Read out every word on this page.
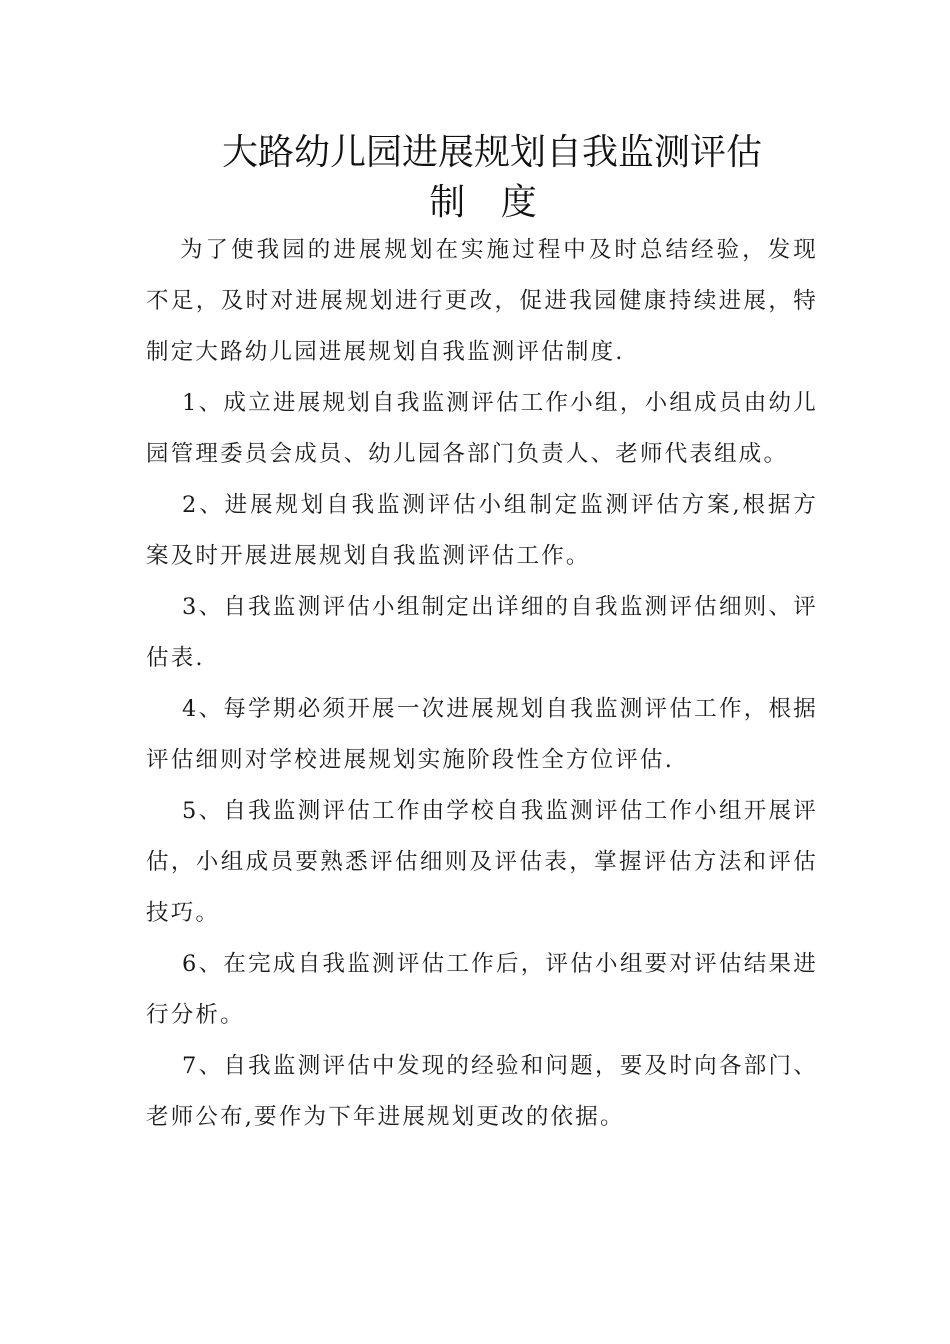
大路幼儿园进展规划自我监测评估
制 度

为了使我园的进展规划在实施过程中及时总结经验，发现不足，及时对进展规划进行更改，促进我园健康持续进展，特制定大路幼儿园进展规划自我监测评估制度.

1、成立进展规划自我监测评估工作小组，小组成员由幼儿园管理委员会成员、幼儿园各部门负责人、老师代表组成。

2、进展规划自我监测评估小组制定监测评估方案,根据方案及时开展进展规划自我监测评估工作。

3、自我监测评估小组制定出详细的自我监测评估细则、评估表.

4、每学期必须开展一次进展规划自我监测评估工作，根据评估细则对学校进展规划实施阶段性全方位评估.

5、自我监测评估工作由学校自我监测评估工作小组开展评估，小组成员要熟悉评估细则及评估表，掌握评估方法和评估技巧。

6、在完成自我监测评估工作后，评估小组要对评估结果进行分析。

7、自我监测评估中发现的经验和问题，要及时向各部门、老师公布,要作为下年进展规划更改的依据。
